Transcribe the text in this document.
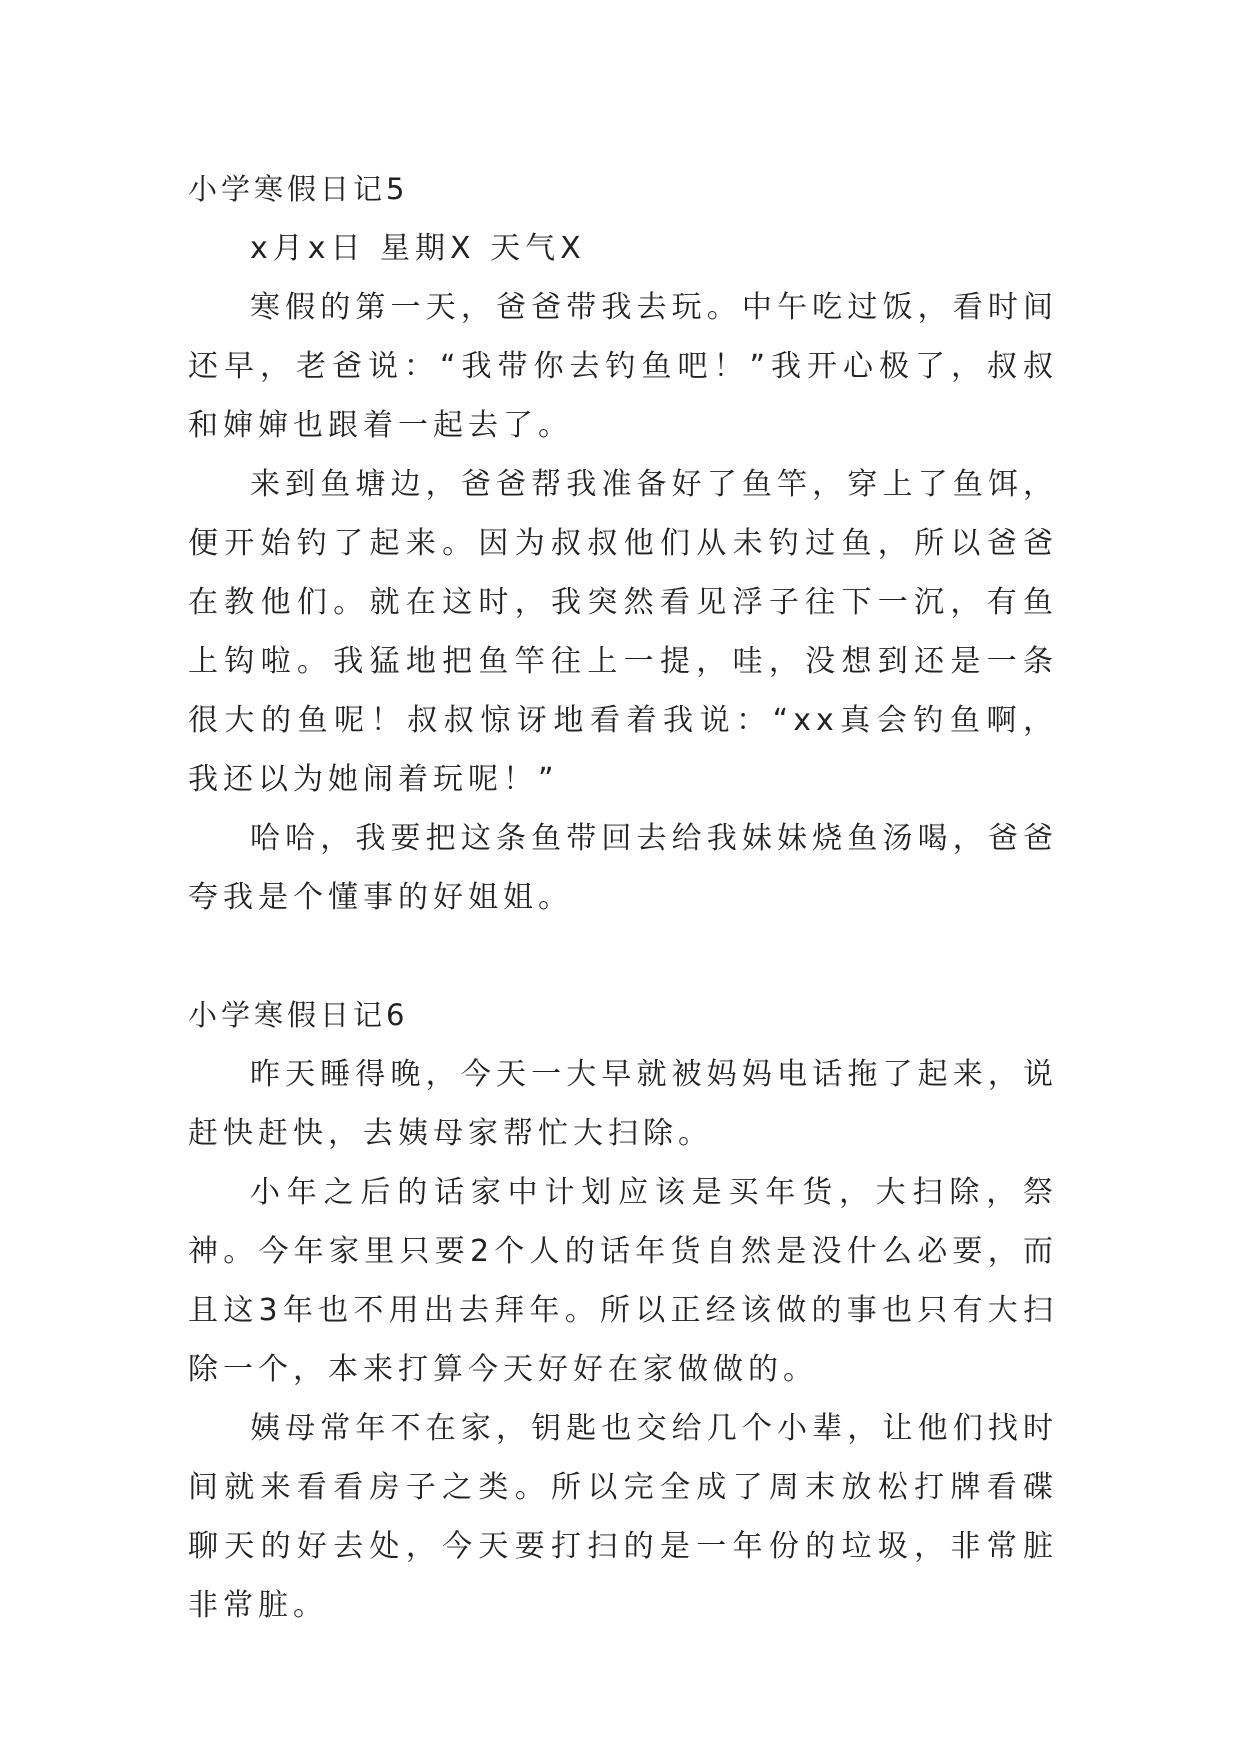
小学寒假日记5

x月x日 星期X 天气X

寒假的第一天，爸爸带我去玩。中午吃过饭，看时间还早，老爸说：“我带你去钓鱼吧！”我开心极了，叔叔和婶婶也跟着一起去了。

来到鱼塘边，爸爸帮我准备好了鱼竿，穿上了鱼饵，便开始钓了起来。因为叔叔他们从未钓过鱼，所以爸爸在教他们。就在这时，我突然看见浮子往下一沉，有鱼上钩啦。我猛地把鱼竿往上一提，哇，没想到还是一条很大的鱼呢！叔叔惊讶地看着我说：“xx真会钓鱼啊，我还以为她闹着玩呢！”

哈哈，我要把这条鱼带回去给我妹妹烧鱼汤喝，爸爸夸我是个懂事的好姐姐。

小学寒假日记6

昨天睡得晚，今天一大早就被妈妈电话拖了起来，说赶快赶快，去姨母家帮忙大扫除。

小年之后的话家中计划应该是买年货，大扫除，祭神。今年家里只要2个人的话年货自然是没什么必要，而且这3年也不用出去拜年。所以正经该做的事也只有大扫除一个，本来打算今天好好在家做做的。

姨母常年不在家，钥匙也交给几个小辈，让他们找时间就来看看房子之类。所以完全成了周末放松打牌看碟聊天的好去处，今天要打扫的是一年份的垃圾，非常脏非常脏。
